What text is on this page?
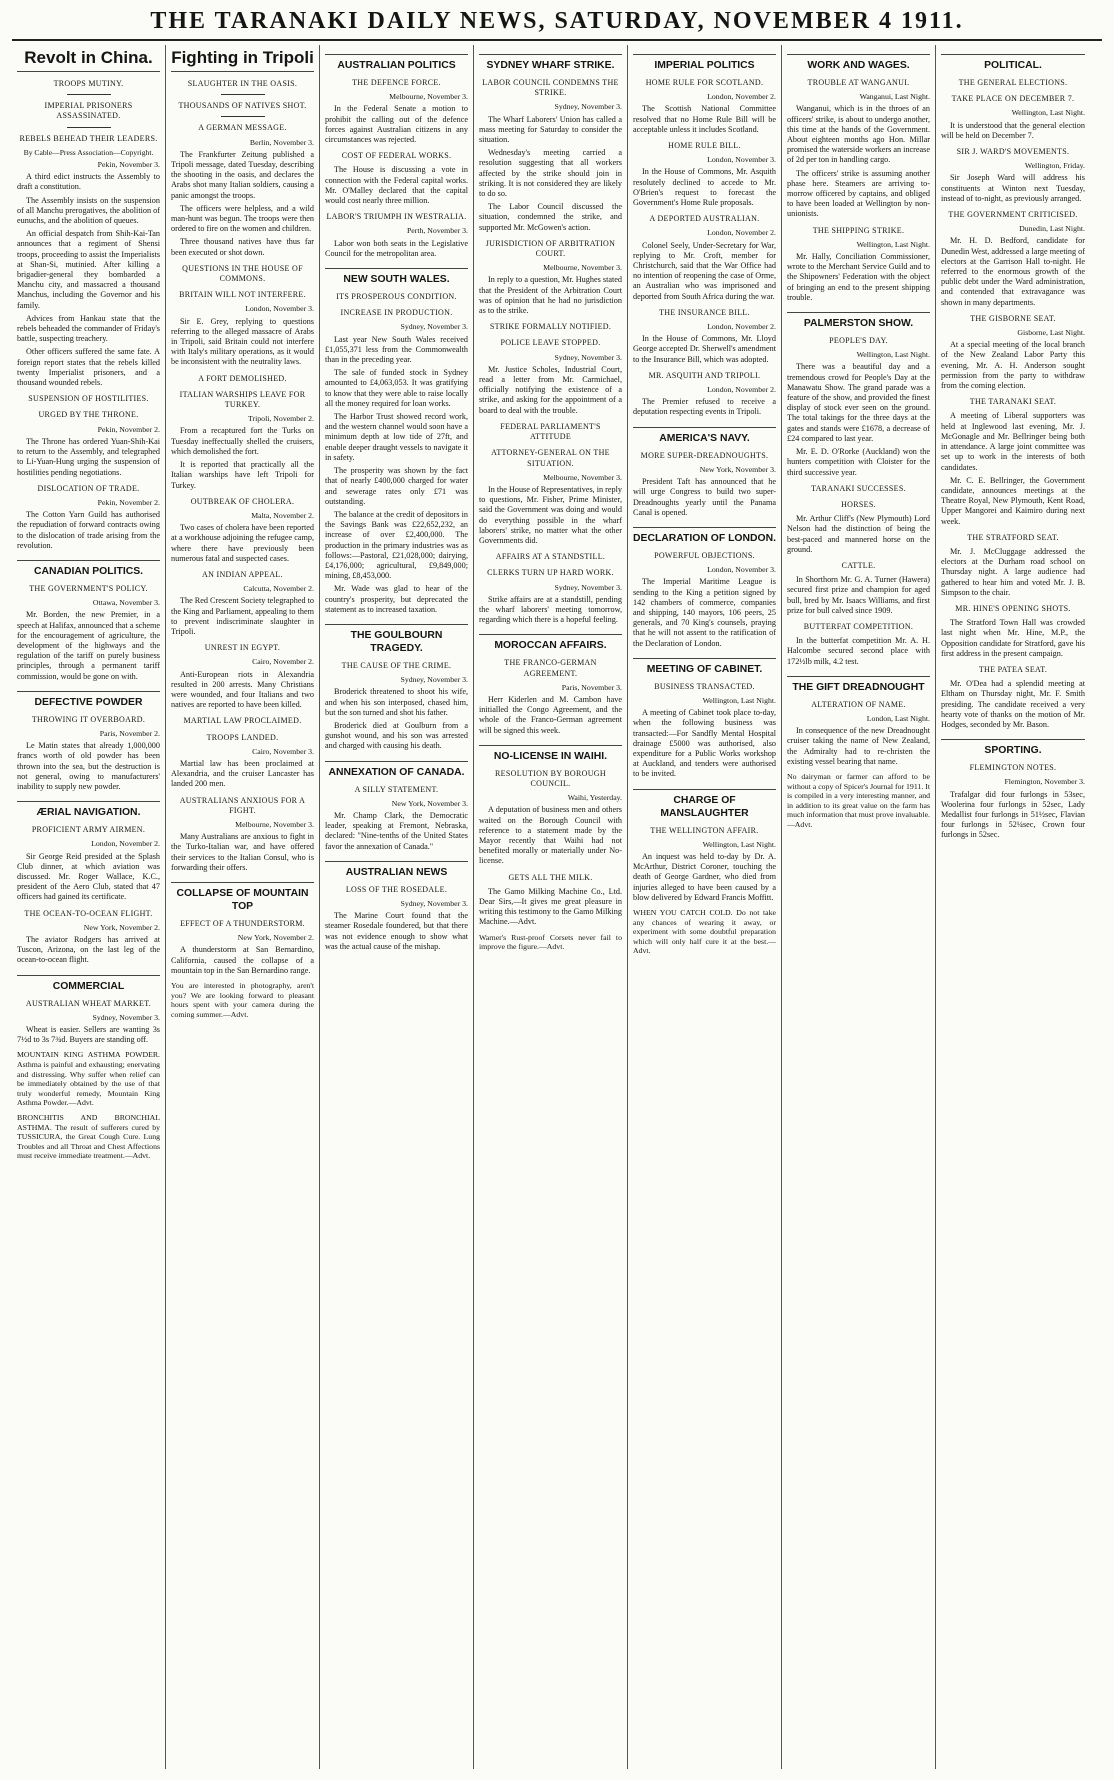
THE TARANAKI DAILY NEWS, SATURDAY, NOVEMBER 4 1911.
Revolt in China.
TROOPS MUTINY.
IMPERIAL PRISONERS ASSASSINATED.
REBELS BEHEAD THEIR LEADERS.
By Cable—Press Association—Copyright.
Pekin, November 3.

A third edict instructs the Assembly to draft a constitution.

The Assembly insists on the suspension of all Manchu prerogatives, the abolition of eunuchs, and the abolition of queues.

An official despatch from Shih-Kai-Tan announces that a regiment of Shensi troops, proceeding to assist the Imperialists at Shan-Si, mutinied. After killing a brigadier-general they bombarded a Manchu city, and massacred a thousand Manchus, including the Governor and his family.

Advices from Hankau state that the rebels beheaded the commander of Friday's battle, suspecting treachery.

Other officers suffered the same fate. A foreign report states that the rebels killed twenty Imperialist prisoners, and a thousand wounded rebels.

SUSPENSION OF HOSTILITIES.
URGED BY THE THRONE.
Pekin, November 2.

The Throne has ordered Yuan-Shih-Kai to return to the Assembly, and telegraphed to Li-Yuan-Hung urging the suspension of hostilities pending negotiations.

DISLOCATION OF TRADE.
Pekin, November 2.

The Cotton Yarn Guild has authorised the repudiation of forward contracts owing to the dislocation of trade arising from the revolution.

CANADIAN POLITICS.
THE GOVERNMENT'S POLICY.
Ottawa, November 3.

Mr. Borden, the new Premier, in a speech at Halifax, announced that a scheme for the encouragement of agriculture, the development of the highways and the regulation of the tariff on purely business principles, through a permanent tariff commission, would be gone on with.

DEFECTIVE POWDER
THROWING IT OVERBOARD.
Paris, November 2.

Le Matin states that already 1,000,000 francs worth of old powder has been thrown into the sea, but the destruction is not general, owing to manufacturers' inability to supply new powder.

ÆRIAL NAVIGATION.
PROFICIENT ARMY AIRMEN.
London, November 2.

Sir George Reid presided at the Splash Club dinner, at which aviation was discussed. Mr. Roger Wallace, K.C., president of the Aero Club, stated that 47 officers had gained its certificate.

THE OCEAN-TO-OCEAN FLIGHT.
New York, November 2.

The aviator Rodgers has arrived at Tuscon, Arizona, on the last leg of the ocean-to-ocean flight.

COMMERCIAL
AUSTRALIAN WHEAT MARKET.
Sydney, November 3.

Wheat is easier. Sellers are wanting 3s 7½d to 3s 7¾d. Buyers are standing off.

MOUNTAIN KING ASTHMA POWDER. Asthma is painful and exhausting; enervating and distressing. Why suffer when relief can be immediately obtained by the use of that truly wonderful remedy, Mountain King Asthma Powder.—Advt.
BRONCHITIS AND BRONCHIAL ASTHMA. The result of sufferers cured by TUSSICURA, the Great Cough Cure. Lung Troubles and all Throat and Chest Affections must receive immediate treatment.—Advt.
Fighting in Tripoli
SLAUGHTER IN THE OASIS.
THOUSANDS OF NATIVES SHOT.
A GERMAN MESSAGE.
Berlin, November 3.

The Frankfurter Zeitung published a Tripoli message, dated Tuesday, describing the shooting in the oasis, and declares the Arabs shot many Italian soldiers, causing a panic amongst the troops.

The officers were helpless, and a wild man-hunt was begun. The troops were then ordered to fire on the women and children.

Three thousand natives have thus far been executed or shot down.

QUESTIONS IN THE HOUSE OF COMMONS.
BRITAIN WILL NOT INTERFERE.
London, November 3.

Sir E. Grey, replying to questions referring to the alleged massacre of Arabs in Tripoli, said Britain could not interfere with Italy's military operations, as it would be inconsistent with the neutrality laws.

A FORT DEMOLISHED.
ITALIAN WARSHIPS LEAVE FOR TURKEY.
Tripoli, November 2.

From a recaptured fort the Turks on Tuesday ineffectually shelled the cruisers, which demolished the fort.

It is reported that practically all the Italian warships have left Tripoli for Turkey.

OUTBREAK OF CHOLERA.
Malta, November 2.

Two cases of cholera have been reported at a workhouse adjoining the refugee camp, where there have previously been numerous fatal and suspected cases.

AN INDIAN APPEAL.
Calcutta, November 2.

The Red Crescent Society telegraphed to the King and Parliament, appealing to them to prevent indiscriminate slaughter in Tripoli.

UNREST IN EGYPT.
Cairo, November 2.

Anti-European riots in Alexandria resulted in 200 arrests. Many Christians were wounded, and four Italians and two natives are reported to have been killed.

MARTIAL LAW PROCLAIMED.
TROOPS LANDED.
Cairo, November 3.

Martial law has been proclaimed at Alexandria, and the cruiser Lancaster has landed 200 men.

AUSTRALIANS ANXIOUS FOR A FIGHT.
Melbourne, November 3.

Many Australians are anxious to fight in the Turko-Italian war, and have offered their services to the Italian Consul, who is forwarding their offers.

COLLAPSE OF MOUNTAIN TOP
EFFECT OF A THUNDERSTORM.
New York, November 2.

A thunderstorm at San Bernardino, California, caused the collapse of a mountain top in the San Bernardino range.

You are interested in photography, aren't you? We are looking forward to pleasant hours spent with your camera during the coming summer.—Advt.
AUSTRALIAN POLITICS
THE DEFENCE FORCE.
Melbourne, November 3.

In the Federal Senate a motion to prohibit the calling out of the defence forces against Australian citizens in any circumstances was rejected.

COST OF FEDERAL WORKS.

The House is discussing a vote in connection with the Federal capital works. Mr. O'Malley declared that the capital would cost nearly three million.

LABOR'S TRIUMPH IN WESTRALIA.
Perth, November 3.

Labor won both seats in the Legislative Council for the metropolitan area.

NEW SOUTH WALES.
ITS PROSPEROUS CONDITION.
INCREASE IN PRODUCTION.
Sydney, November 3.

Last year New South Wales received £1,055,371 less from the Commonwealth than in the preceding year.

The sale of funded stock in Sydney amounted to £4,063,053. It was gratifying to know that they were able to raise locally all the money required for loan works.

The Harbor Trust showed record work, and the western channel would soon have a minimum depth at low tide of 27ft, and enable deeper draught vessels to navigate it in safety.

The prosperity was shown by the fact that of nearly £400,000 charged for water and sewerage rates only £71 was outstanding.

The balance at the credit of depositors in the Savings Bank was £22,652,232, an increase of over £2,400,000. The production in the primary industries was as follows:—Pastoral, £21,028,000; dairying, £4,176,000; agricultural, £9,849,000; mining, £8,453,000.

Mr. Wade was glad to hear of the country's prosperity, but deprecated the statement as to increased taxation.

THE GOULBOURN TRAGEDY.
THE CAUSE OF THE CRIME.
Sydney, November 3.

Broderick threatened to shoot his wife, and when his son interposed, chased him, but the son turned and shot his father.

Broderick died at Goulburn from a gunshot wound, and his son was arrested and charged with causing his death.

ANNEXATION OF CANADA.
A SILLY STATEMENT.
New York, November 3.

Mr. Champ Clark, the Democratic leader, speaking at Fremont, Nebraska, declared: "Nine-tenths of the United States favor the annexation of Canada."

AUSTRALIAN NEWS
LOSS OF THE ROSEDALE.
Sydney, November 3.

The Marine Court found that the steamer Rosedale foundered, but that there was not evidence enough to show what was the actual cause of the mishap.

SYDNEY WHARF STRIKE.
LABOR COUNCIL CONDEMNS THE STRIKE.
Sydney, November 3.

The Wharf Laborers' Union has called a mass meeting for Saturday to consider the situation.

Wednesday's meeting carried a resolution suggesting that all workers affected by the strike should join in striking. It is not considered they are likely to do so.

The Labor Council discussed the situation, condemned the strike, and supported Mr. McGowen's action.

JURISDICTION OF ARBITRATION COURT.
Melbourne, November 3.

In reply to a question, Mr. Hughes stated that the President of the Arbitration Court was of opinion that he had no jurisdiction as to the strike.

STRIKE FORMALLY NOTIFIED.
POLICE LEAVE STOPPED.
Sydney, November 3.

Mr. Justice Scholes, Industrial Court, read a letter from Mr. Carmichael, officially notifying the existence of a strike, and asking for the appointment of a board to deal with the trouble.

FEDERAL PARLIAMENT'S ATTITUDE
ATTORNEY-GENERAL ON THE SITUATION.
Melbourne, November 3.

In the House of Representatives, in reply to questions, Mr. Fisher, Prime Minister, said the Government was doing and would do everything possible in the wharf laborers' strike, no matter what the other Governments did.

AFFAIRS AT A STANDSTILL.
CLERKS TURN UP HARD WORK.
Sydney, November 3.

Strike affairs are at a standstill, pending the wharf laborers' meeting tomorrow, regarding which there is a hopeful feeling.

MOROCCAN AFFAIRS.
THE FRANCO-GERMAN AGREEMENT.
Paris, November 3.

Herr Kiderlen and M. Cambon have initialled the Congo Agreement, and the whole of the Franco-German agreement will be signed this week.

NO-LICENSE IN WAIHI.
RESOLUTION BY BOROUGH COUNCIL.
Waihi, Yesterday.

A deputation of business men and others waited on the Borough Council with reference to a statement made by the Mayor recently that Waihi had not benefited morally or materially under No-license.

GETS ALL THE MILK.

The Gamo Milking Machine Co., Ltd. Dear Sirs,—It gives me great pleasure in writing this testimony to the Gamo Milking Machine.—Advt.

Warner's Rust-proof Corsets never fail to improve the figure.—Advt.
IMPERIAL POLITICS
HOME RULE FOR SCOTLAND.
London, November 2.

The Scottish National Committee resolved that no Home Rule Bill will be acceptable unless it includes Scotland.

HOME RULE BILL.
London, November 3.

In the House of Commons, Mr. Asquith resolutely declined to accede to Mr. O'Brien's request to forecast the Government's Home Rule proposals.

A DEPORTED AUSTRALIAN.
London, November 2.

Colonel Seely, Under-Secretary for War, replying to Mr. Croft, member for Christchurch, said that the War Office had no intention of reopening the case of Orme, an Australian who was imprisoned and deported from South Africa during the war.

THE INSURANCE BILL.
London, November 2.

In the House of Commons, Mr. Lloyd George accepted Dr. Sherwell's amendment to the Insurance Bill, which was adopted.

MR. ASQUITH AND TRIPOLI.
London, November 2.

The Premier refused to receive a deputation respecting events in Tripoli.

AMERICA'S NAVY.
MORE SUPER-DREADNOUGHTS.
New York, November 3.

President Taft has announced that he will urge Congress to build two super-Dreadnoughts yearly until the Panama Canal is opened.

DECLARATION OF LONDON.
POWERFUL OBJECTIONS.
London, November 3.

The Imperial Maritime League is sending to the King a petition signed by 142 chambers of commerce, companies and shipping, 140 mayors, 106 peers, 25 generals, and 70 King's counsels, praying that he will not assent to the ratification of the Declaration of London.

MEETING OF CABINET.
BUSINESS TRANSACTED.
Wellington, Last Night.

A meeting of Cabinet took place to-day, when the following business was transacted:—For Sandfly Mental Hospital drainage £5000 was authorised, also expenditure for a Public Works workshop at Auckland, and tenders were authorised to be invited.

CHARGE OF MANSLAUGHTER
THE WELLINGTON AFFAIR.
Wellington, Last Night.

An inquest was held to-day by Dr. A. McArthur, District Coroner, touching the death of George Gardner, who died from injuries alleged to have been caused by a blow delivered by Edward Francis Moffitt.

WHEN YOU CATCH COLD. Do not take any chances of wearing it away, or experiment with some doubtful preparation which will only half cure it at the best.—Advt.
WORK AND WAGES.
TROUBLE AT WANGANUI.
Wanganui, Last Night.

Wanganui, which is in the throes of an officers' strike, is about to undergo another, this time at the hands of the Government. About eighteen months ago Hon. Millar promised the waterside workers an increase of 2d per ton in handling cargo.

The officers' strike is assuming another phase here. Steamers are arriving to-morrow officered by captains, and obliged to have been loaded at Wellington by non-unionists.

THE SHIPPING STRIKE.
Wellington, Last Night.

Mr. Hally, Conciliation Commissioner, wrote to the Merchant Service Guild and to the Shipowners' Federation with the object of bringing an end to the present shipping trouble.

PALMERSTON SHOW.
PEOPLE'S DAY.
Wellington, Last Night.

There was a beautiful day and a tremendous crowd for People's Day at the Manawatu Show. The grand parade was a feature of the show, and provided the finest display of stock ever seen on the ground. The total takings for the three days at the gates and stands were £1678, a decrease of £24 compared to last year.

Mr. E. D. O'Rorke (Auckland) won the hunters competition with Cloister for the third successive year.

TARANAKI SUCCESSES.
HORSES.

Mr. Arthur Cliff's (New Plymouth) Lord Nelson had the distinction of being the best-paced and mannered horse on the ground.

CATTLE.

In Shorthorn Mr. G. A. Turner (Hawera) secured first prize and champion for aged bull, bred by Mr. Isaacs Williams, and first prize for bull calved since 1909.

BUTTERFAT COMPETITION.

In the butterfat competition Mr. A. H. Halcombe secured second place with 172½lb milk, 4.2 test.

THE GIFT DREADNOUGHT
ALTERATION OF NAME.
London, Last Night.

In consequence of the new Dreadnought cruiser taking the name of New Zealand, the Admiralty had to re-christen the existing vessel bearing that name.

No dairyman or farmer can afford to be without a copy of Spicer's Journal for 1911. It is compiled in a very interesting manner, and in addition to its great value on the farm has much information that must prove invaluable.—Advt.
POLITICAL.
THE GENERAL ELECTIONS.
TAKE PLACE ON DECEMBER 7.
Wellington, Last Night.

It is understood that the general election will be held on December 7.

SIR J. WARD'S MOVEMENTS.
Wellington, Friday.

Sir Joseph Ward will address his constituents at Winton next Tuesday, instead of to-night, as previously arranged.

THE GOVERNMENT CRITICISED.
Dunedin, Last Night.

Mr. H. D. Bedford, candidate for Dunedin West, addressed a large meeting of electors at the Garrison Hall to-night. He referred to the enormous growth of the public debt under the Ward administration, and contended that extravagance was shown in many departments.

THE GISBORNE SEAT.
Gisborne, Last Night.

At a special meeting of the local branch of the New Zealand Labor Party this evening, Mr. A. H. Anderson sought permission from the party to withdraw from the coming election.

THE TARANAKI SEAT.

A meeting of Liberal supporters was held at Inglewood last evening, Mr. J. McGonagle and Mr. Bellringer being both in attendance. A large joint committee was set up to work in the interests of both candidates.

Mr. C. E. Bellringer, the Government candidate, announces meetings at the Theatre Royal, New Plymouth, Kent Road, Upper Mangorei and Kaimiro during next week.

THE STRATFORD SEAT.

Mr. J. McCluggage addressed the electors at the Durham road school on Thursday night. A large audience had gathered to hear him and voted Mr. J. B. Simpson to the chair.

MR. HINE'S OPENING SHOTS.

The Stratford Town Hall was crowded last night when Mr. Hine, M.P., the Opposition candidate for Stratford, gave his first address in the present campaign.

THE PATEA SEAT.

Mr. O'Dea had a splendid meeting at Eltham on Thursday night, Mr. F. Smith presiding. The candidate received a very hearty vote of thanks on the motion of Mr. Hodges, seconded by Mr. Bason.

SPORTING.
FLEMINGTON NOTES.
Flemington, November 3.

Trafalgar did four furlongs in 53sec, Woolerina four furlongs in 52sec, Lady Medallist four furlongs in 51½sec, Flavian four furlongs in 52¼sec, Crown four furlongs in 52sec.
